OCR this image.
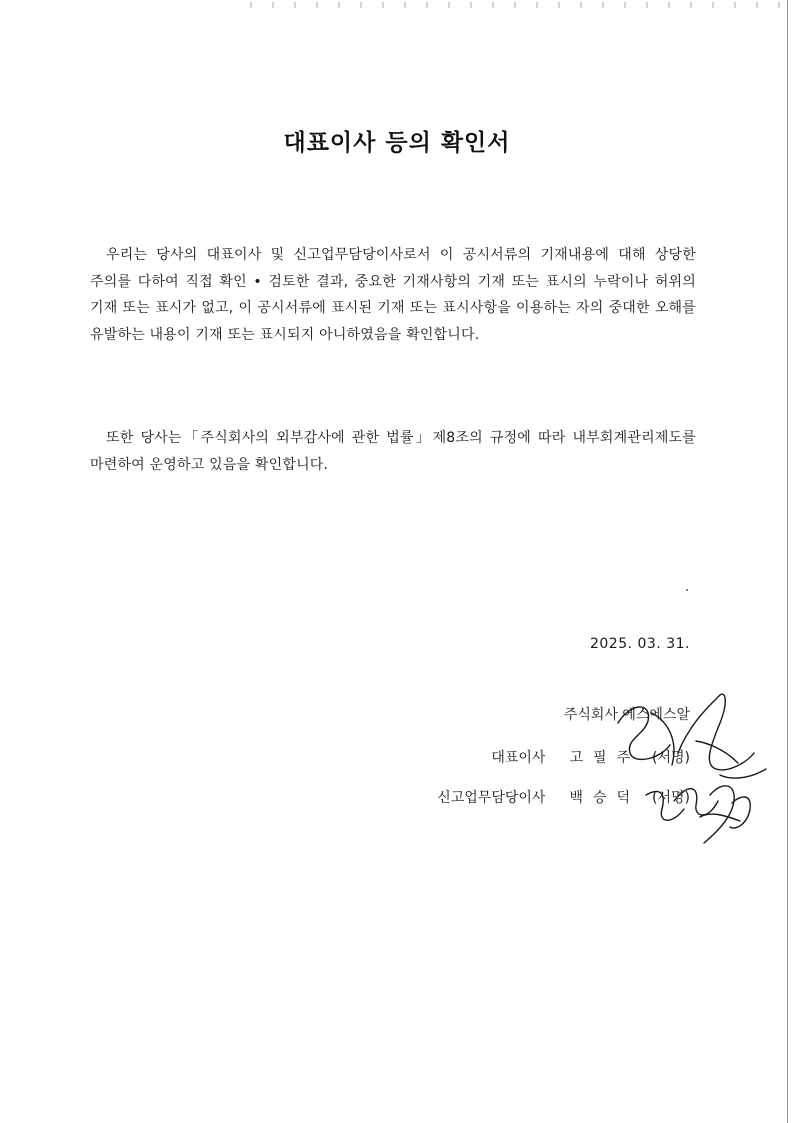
대표이사 등의 확인서

우리는 당사의 대표이사 및 신고업무담당이사로서 이 공시서류의 기재내용에 대해 상당한 주의를 다하여 직접 확인 • 검토한 결과, 중요한 기재사항의 기재 또는 표시의 누락이나 허위의 기재 또는 표시가 없고, 이 공시서류에 표시된 기재 또는 표시사항을 이용하는 자의 중대한 오해를 유발하는 내용이 기재 또는 표시되지 아니하였음을 확인합니다.

또한 당사는「주식회사의 외부감사에 관한 법률」제8조의 규정에 따라 내부회계관리제도를 마련하여 운영하고 있음을 확인합니다.

2025. 03. 31.
주식회사 에스에스알
대표이사 고필주 (서명)
신고업무담당이사 백승덕 (서명)
